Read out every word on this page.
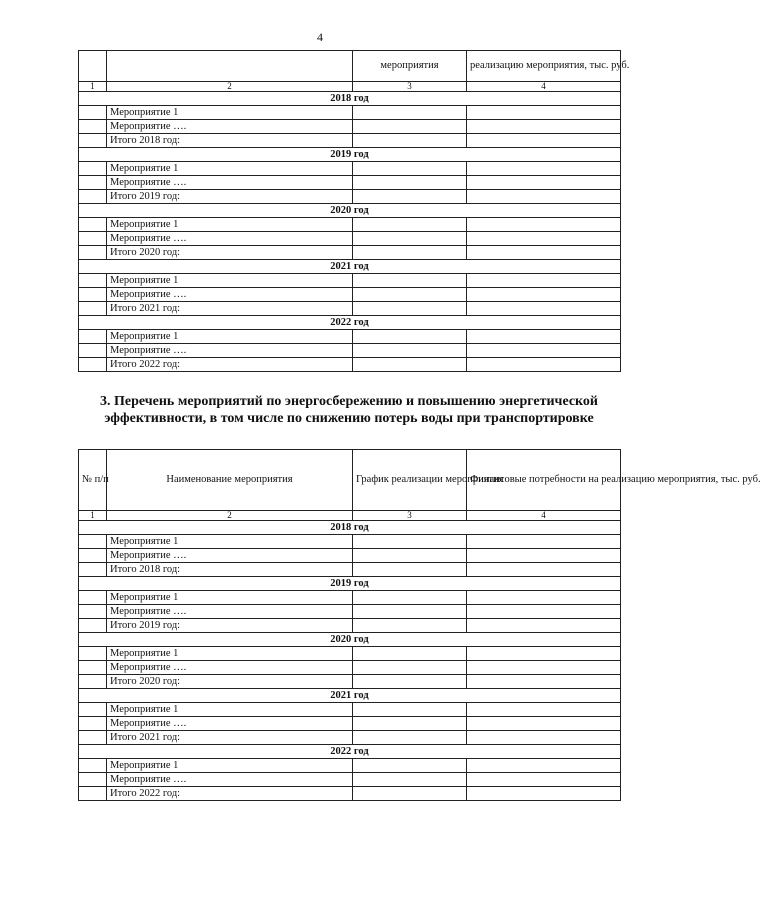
4
		мероприятия	реализацию мероприятия, тыс. руб.
1	2	3	4
2018 год			
	Мероприятие 1		
	Мероприятие ….		
	Итого 2018 год:		
2019 год			
	Мероприятие 1		
	Мероприятие ….		
	Итого 2019 год:		
2020 год			
	Мероприятие 1		
	Мероприятие ….		
	Итого 2020 год:		
2021 год			
	Мероприятие 1		
	Мероприятие ….		
	Итого 2021 год:		
2022 год			
	Мероприятие 1		
	Мероприятие ….		
	Итого 2022 год:		
3. Перечень мероприятий по энергосбережению и повышению энергетической эффективности, в том числе по снижению потерь воды при транспортировке
№ п/п	Наименование мероприятия	График реализации мероприятия	Финансовые потребности на реализацию мероприятия, тыс. руб.
1	2	3	4
2018 год			
	Мероприятие 1		
	Мероприятие ….		
	Итого 2018 год:		
2019 год			
	Мероприятие 1		
	Мероприятие ….		
	Итого 2019 год:		
2020 год			
	Мероприятие 1		
	Мероприятие ….		
	Итого 2020 год:		
2021 год			
	Мероприятие 1		
	Мероприятие ….		
	Итого 2021 год:		
2022 год			
	Мероприятие 1		
	Мероприятие ….		
	Итого 2022 год:		
